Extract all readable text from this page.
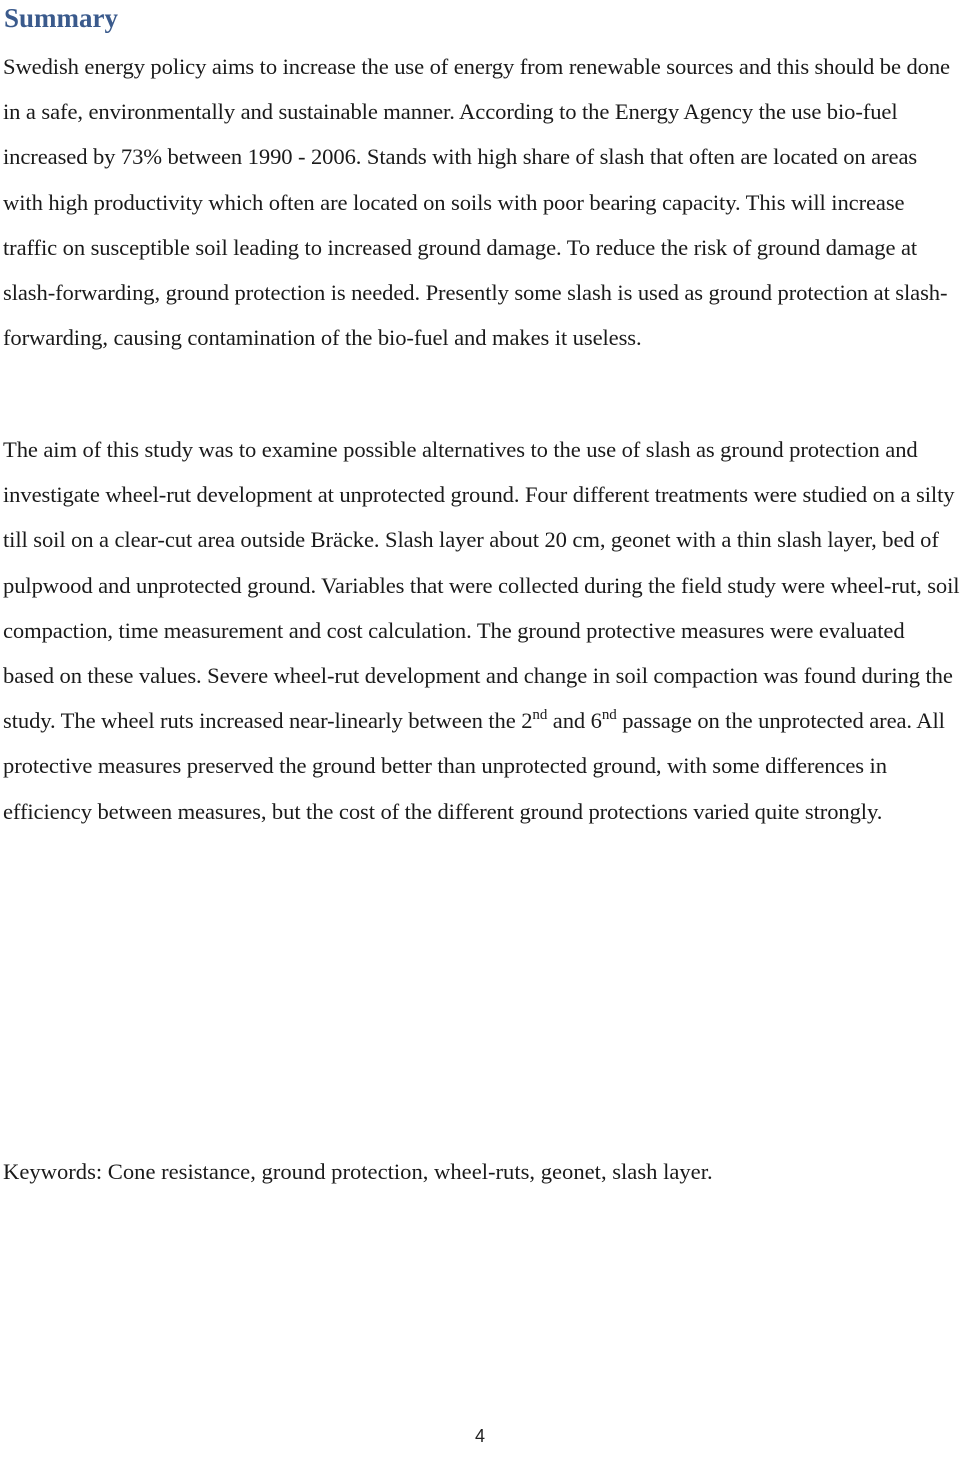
Summary

Swedish energy policy aims to increase the use of energy from renewable sources and this should be done in a safe, environmentally and sustainable manner. According to the Energy Agency the use bio-fuel increased by 73% between 1990 - 2006. Stands with high share of slash that often are located on areas with high productivity which often are located on soils with poor bearing capacity. This will increase traffic on susceptible soil leading to increased ground damage. To reduce the risk of ground damage at slash-forwarding, ground protection is needed. Presently some slash is used as ground protection at slash-forwarding, causing contamination of the bio-fuel and makes it useless.

The aim of this study was to examine possible alternatives to the use of slash as ground protection and investigate wheel-rut development at unprotected ground. Four different treatments were studied on a silty till soil on a clear-cut area outside Bräcke. Slash layer about 20 cm, geonet with a thin slash layer, bed of pulpwood and unprotected ground. Variables that were collected during the field study were wheel-rut, soil compaction, time measurement and cost calculation. The ground protective measures were evaluated based on these values. Severe wheel-rut development and change in soil compaction was found during the study. The wheel ruts increased near-linearly between the 2nd and 6nd passage on the unprotected area. All protective measures preserved the ground better than unprotected ground, with some differences in efficiency between measures, but the cost of the different ground protections varied quite strongly.

Keywords: Cone resistance, ground protection, wheel-ruts, geonet, slash layer.

4
